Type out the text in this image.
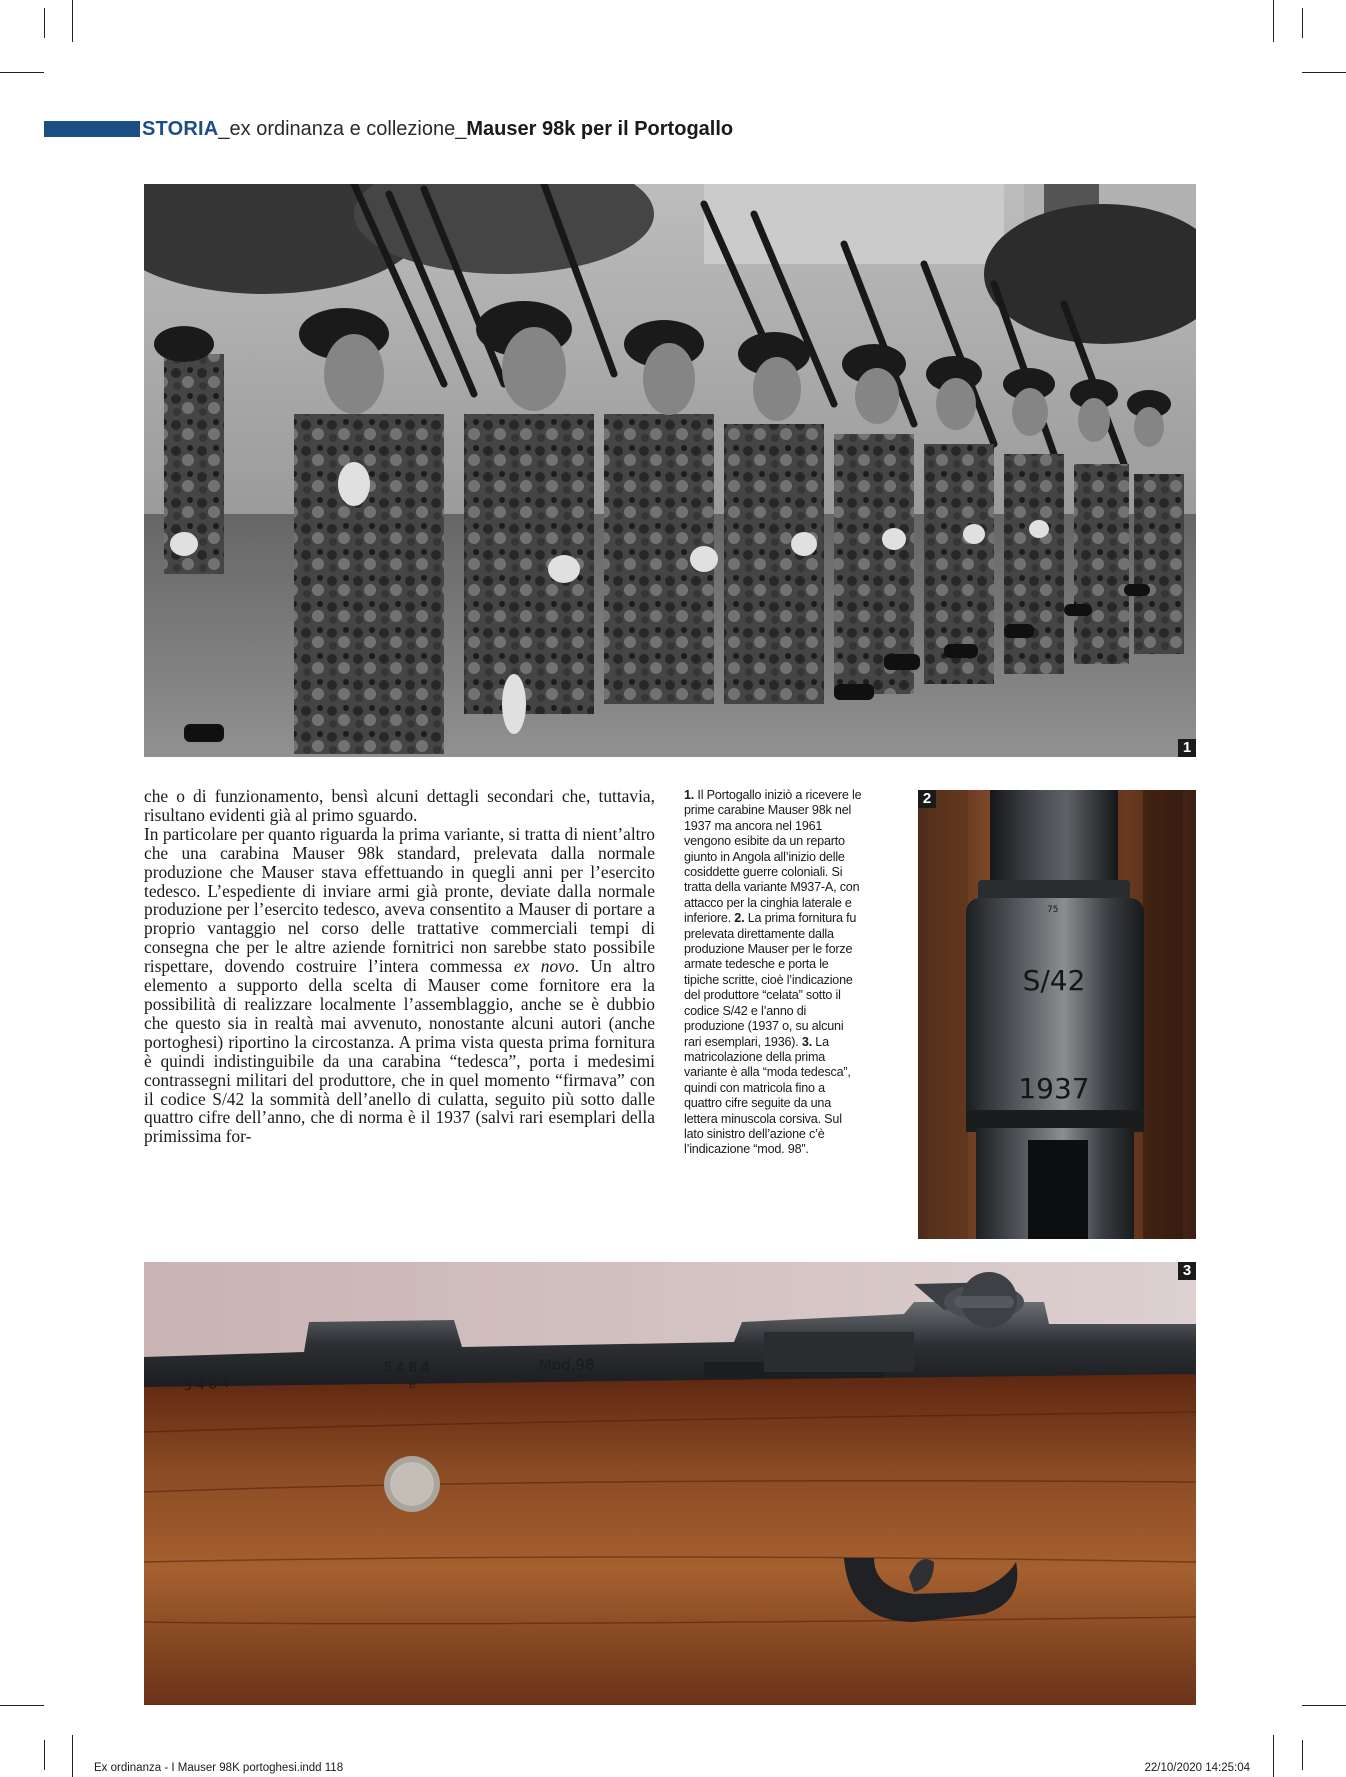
STORIA _ex ordinanza e collezione_ Mauser 98k per il Portogallo
1
75
S/42
1937
2
5 4 8 4
5 4 8 4
e
Mod.98
3

che o di funzionamento, bensì alcuni dettagli secondari che, tuttavia, risultano evidenti già al primo sguardo.

In particolare per quanto riguarda la prima variante, si tratta di nient’altro che una carabina Mauser 98k standard, prelevata dalla normale produzione che Mauser stava effettuando in quegli anni per l’esercito tedesco. L’espediente di inviare armi già pronte, deviate dalla normale produzione per l’esercito tedesco, aveva consentito a Mauser di portare a proprio vantaggio nel corso delle trattative commerciali tempi di consegna che per le altre aziende fornitrici non sarebbe stato possibile rispettare, dovendo costruire l’intera commessa ex novo. Un altro elemento a supporto della scelta di Mauser come fornitore era la possibilità di realizzare localmente l’assemblaggio, anche se è dubbio che questo sia in realtà mai avvenuto, nonostante alcuni autori (anche portoghesi) riportino la circostanza. A prima vista questa prima fornitura è quindi indistinguibile da una carabina “tedesca”, porta i medesimi contrassegni militari del produttore, che in quel momento “firmava” con il codice S/42 la sommità dell’anello di culatta, seguito più sotto dalle quattro cifre dell’anno, che di norma è il 1937 (salvi rari esemplari della primissima for-

1. Il Portogallo iniziò a ricevere le prime carabine Mauser 98k nel 1937 ma ancora nel 1961 vengono esibite da un reparto giunto in Angola all’inizio delle cosiddette guerre coloniali. Si tratta della variante M937-A, con attacco per la cinghia laterale e inferiore. 2. La prima fornitura fu prelevata direttamente dalla produzione Mauser per le forze armate tedesche e porta le tipiche scritte, cioè l’indicazione del produttore “celata” sotto il codice S/42 e l’anno di produzione (1937 o, su alcuni rari esemplari, 1936). 3. La matricolazione della prima variante è alla “moda tedesca”, quindi con matricola fino a quattro cifre seguite da una lettera minuscola corsiva. Sul lato sinistro dell’azione c’è l’indicazione “mod. 98”.
Ex ordinanza - I Mauser 98K portoghesi.indd 118	22/10/2020 14:25:04
